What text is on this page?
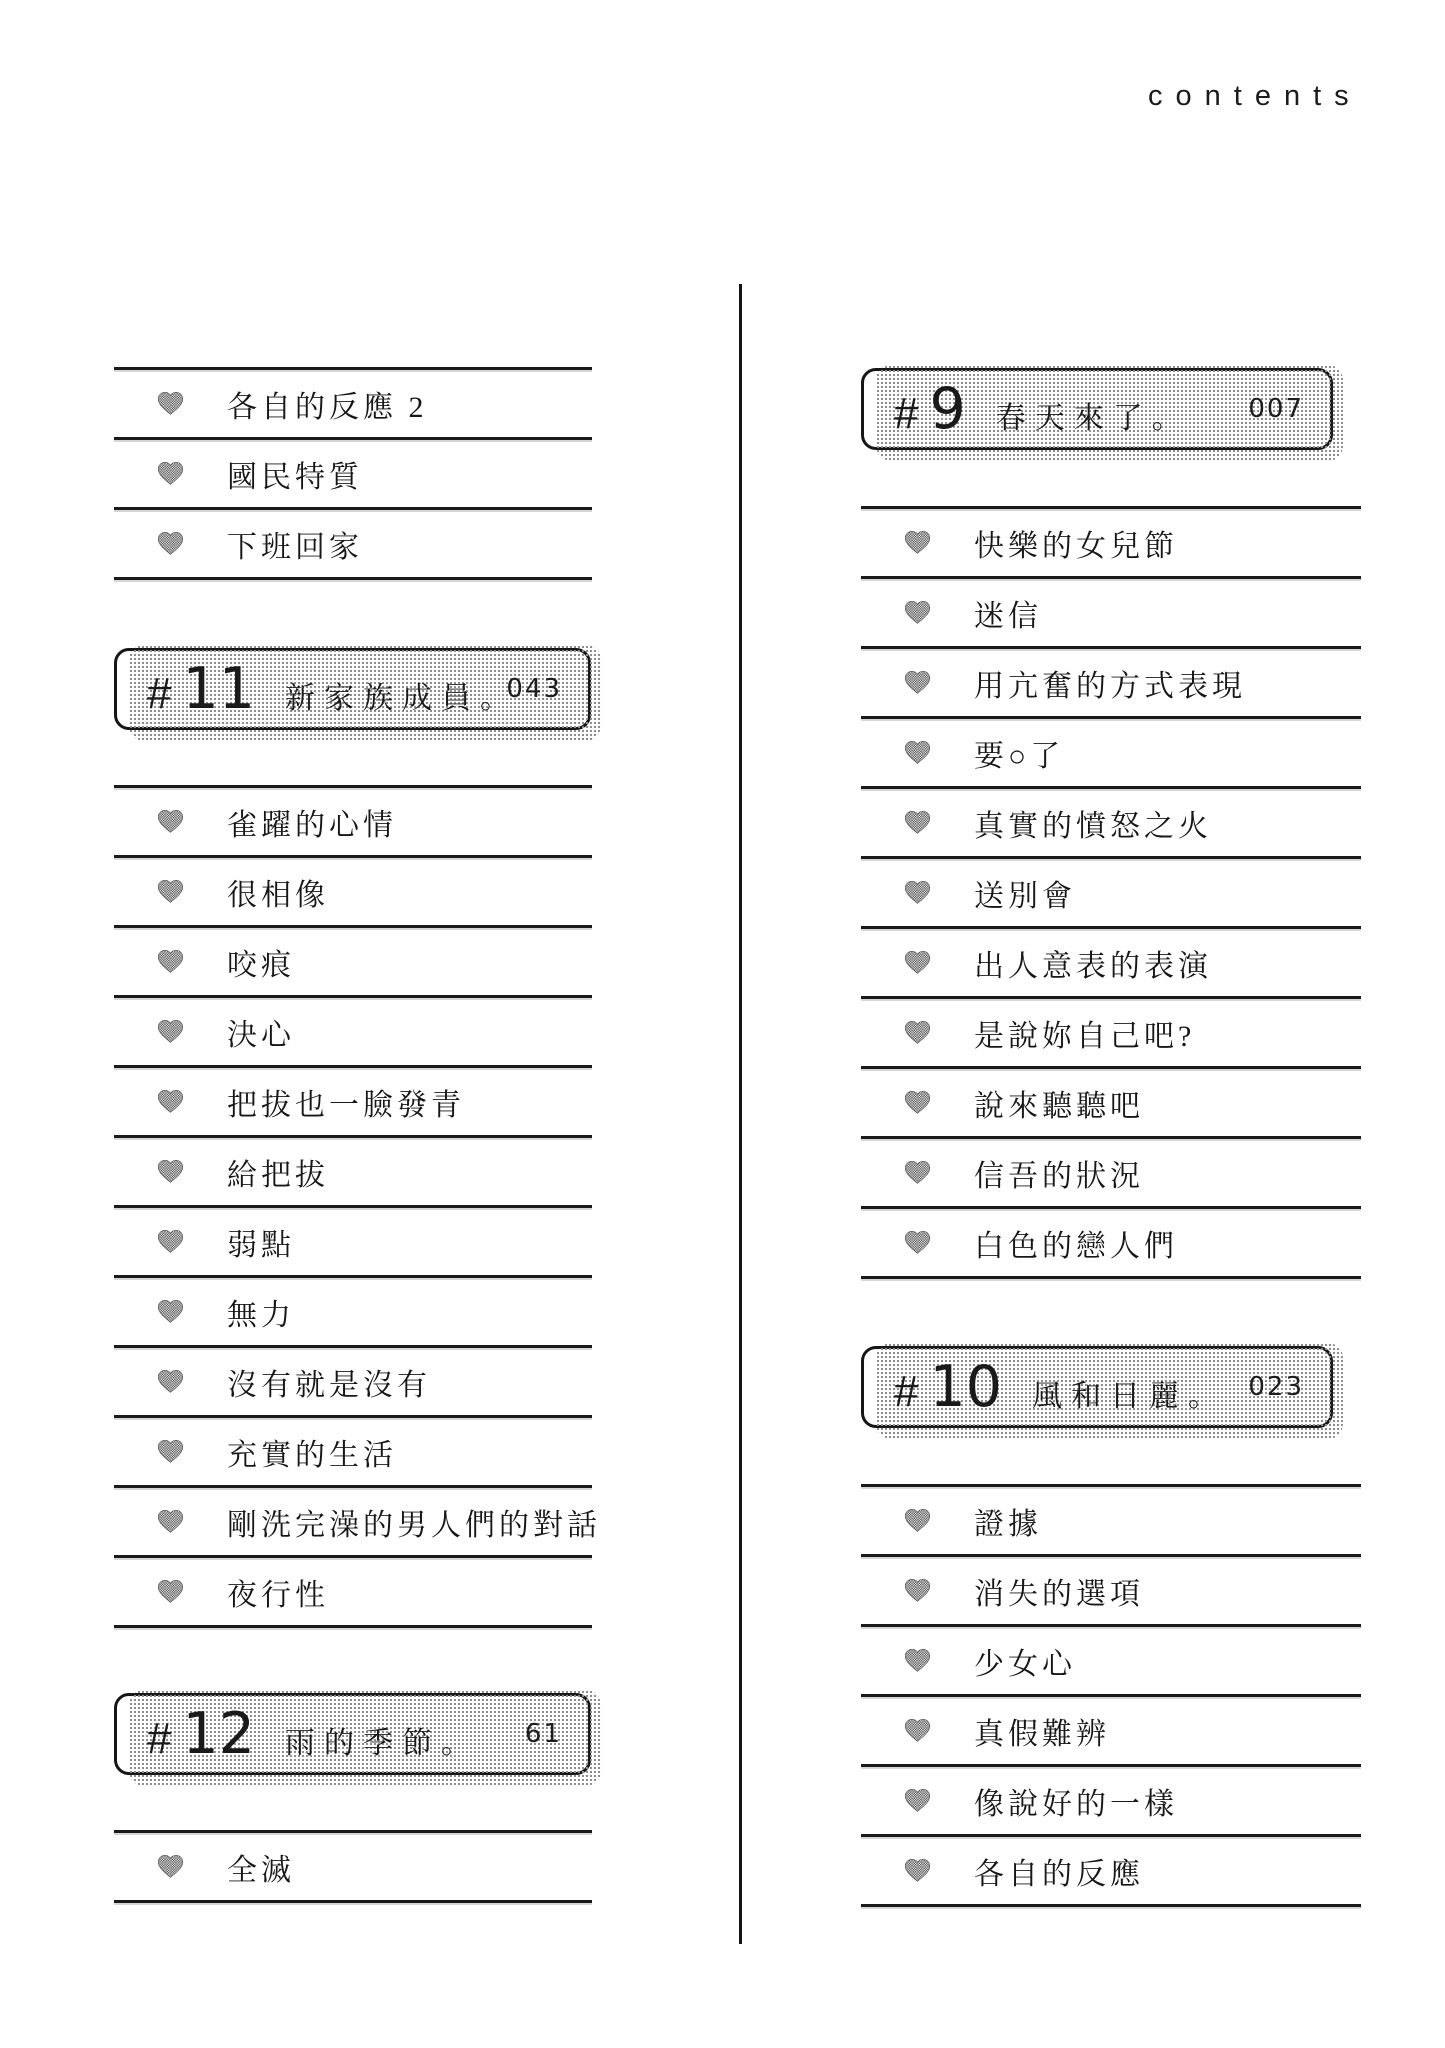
contents
各自的反應 2
國民特質
下班回家
# 11 新家族成員。
043
雀躍的心情
很相像
咬痕
決心
把拔也一臉發青
給把拔
弱點
無力
沒有就是沒有
充實的生活
剛洗完澡的男人們的對話
夜行性
# 12 雨的季節。	61
全滅
# 9 春天來了。	007
快樂的女兒節
迷信
用亢奮的方式表現
要○了
真實的憤怒之火
送別會
出人意表的表演
是說妳自己吧?
說來聽聽吧
信吾的狀況
白色的戀人們
# 10 風和日麗。 023
證據
消失的選項
少女心
真假難辨
像說好的一樣
各自的反應
